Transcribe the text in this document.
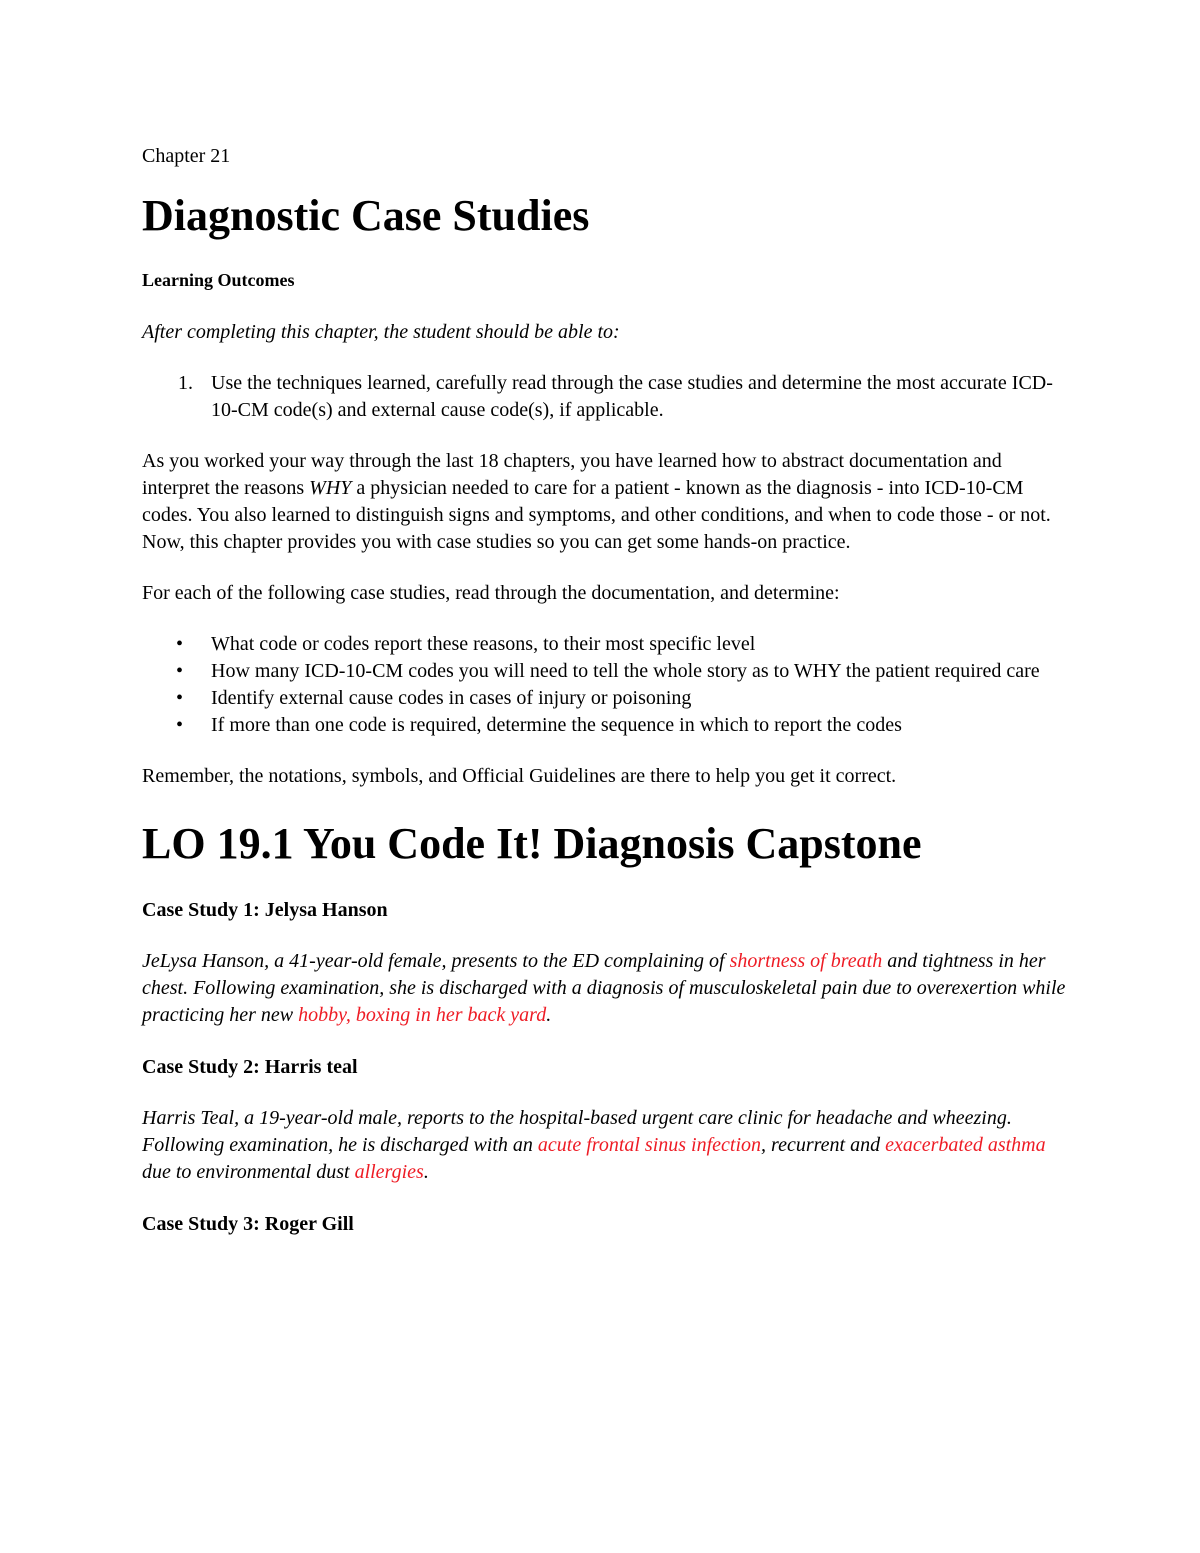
Chapter 21

Diagnostic Case Studies

Learning Outcomes

After completing this chapter, the student should be able to:

1. Use the techniques learned, carefully read through the case studies and determine the most accurate ICD-10-CM code(s) and external cause code(s), if applicable.

As you worked your way through the last 18 chapters, you have learned how to abstract documentation and interpret the reasons WHY a physician needed to care for a patient - known as the diagnosis - into ICD-10-CM codes. You also learned to distinguish signs and symptoms, and other conditions, and when to code those - or not. Now, this chapter provides you with case studies so you can get some hands-on practice.

For each of the following case studies, read through the documentation, and determine:

• What code or codes report these reasons, to their most specific level
• How many ICD-10-CM codes you will need to tell the whole story as to WHY the patient required care
• Identify external cause codes in cases of injury or poisoning
• If more than one code is required, determine the sequence in which to report the codes

Remember, the notations, symbols, and Official Guidelines are there to help you get it correct.

LO 19.1 You Code It! Diagnosis Capstone

Case Study 1: Jelysa Hanson

JeLysa Hanson, a 41-year-old female, presents to the ED complaining of shortness of breath and tightness in her chest. Following examination, she is discharged with a diagnosis of musculoskeletal pain due to overexertion while practicing her new hobby, boxing in her back yard.

Case Study 2: Harris teal

Harris Teal, a 19-year-old male, reports to the hospital-based urgent care clinic for headache and wheezing. Following examination, he is discharged with an acute frontal sinus infection, recurrent and exacerbated asthma due to environmental dust allergies.

Case Study 3: Roger Gill
